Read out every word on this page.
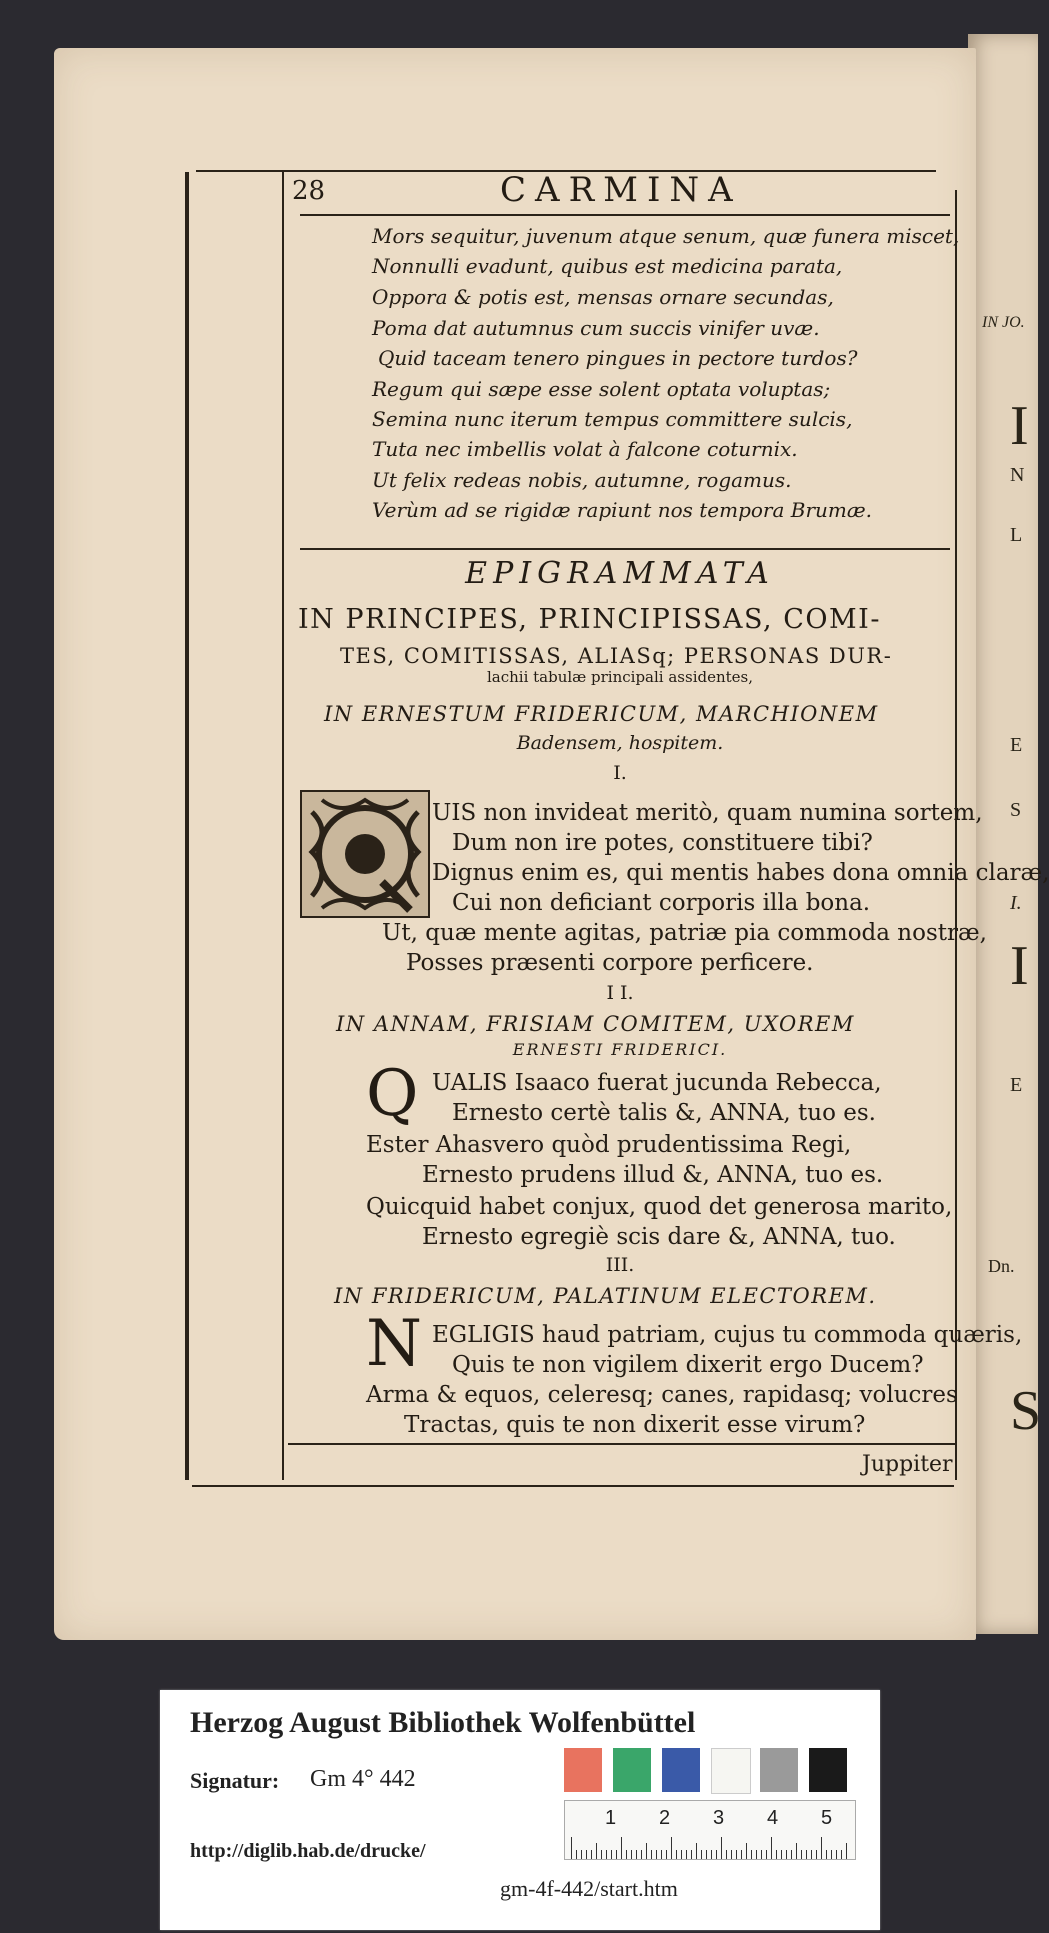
IN JO.
I
N
L
E
S
I.
I
E
Dn.
S
28	CARMINA
Mors sequitur, juvenum atque senum, quæ funera miscet,
Nonnulli evadunt, quibus est medicina parata,
Oppora & potis est, mensas ornare secundas,
Poma dat autumnus cum succis vinifer uvæ.
Quid taceam tenero pingues in pectore turdos?
Regum qui sæpe esse solent optata voluptas;
Semina nunc iterum tempus committere sulcis,
Tuta nec imbellis volat à falcone coturnix.
Ut felix redeas nobis, autumne, rogamus.
Verùm ad se rigidæ rapiunt nos tempora Brumæ.
EPIGRAMMATA
IN PRINCIPES, PRINCIPISSAS, COMI-
TES, COMITISSAS, ALIASq; PERSONAS DUR-
lachii tabulæ principali assidentes,
IN ERNESTUM FRIDERICUM, MARCHIONEM
Badensem, hospitem.
I.
UIS non invideat meritò, quam numina sortem,
Dum non ire potes, constituere tibi?
Dignus enim es, qui mentis habes dona omnia claræ,
Cui non deficiant corporis illa bona.
Ut, quæ mente agitas, patriæ pia commoda nostræ,
Posses præsenti corpore perficere.
I I.
IN ANNAM, FRISIAM COMITEM, UXOREM
ERNESTI FRIDERICI.
Q UALIS Isaaco fuerat jucunda Rebecca,
Ernesto certè talis &, ANNA, tuo es.
Ester Ahasvero quòd prudentissima Regi,
Ernesto prudens illud &, ANNA, tuo es.
Quicquid habet conjux, quod det generosa marito,
Ernesto egregiè scis dare &, ANNA, tuo.
III.
IN FRIDERICUM, PALATINUM ELECTOREM.
N EGLIGIS haud patriam, cujus tu commoda quæris,
Quis te non vigilem dixerit ergo Ducem?
Arma & equos, celeresq; canes, rapidasq; volucres
Tractas, quis te non dixerit esse virum?
Juppiter
Herzog August Bibliothek Wolfenbüttel
Signatur: Gm 4° 442
http://diglib.hab.de/drucke/
gm-4f-442/start.htm
1 2 3 4 5
